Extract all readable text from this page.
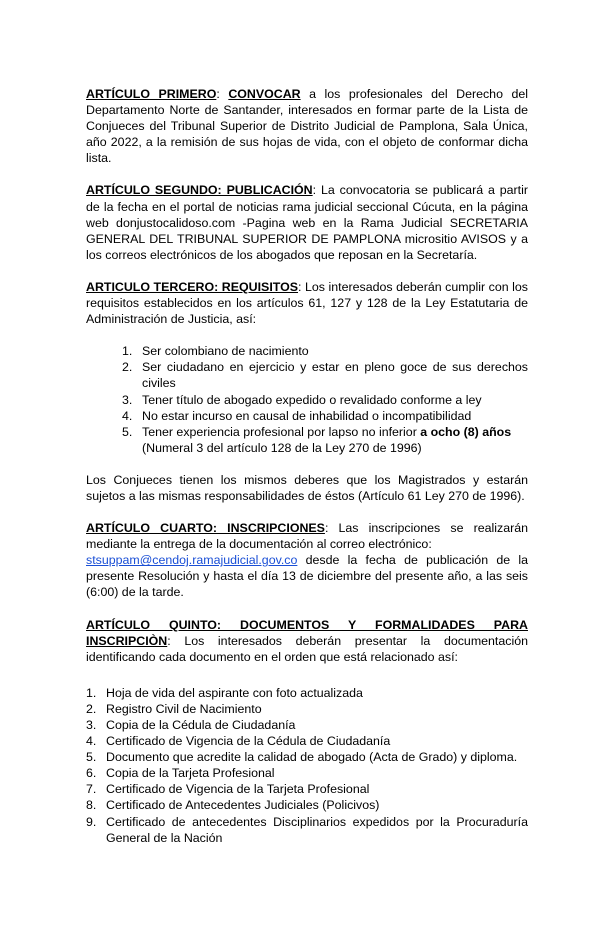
ARTÍCULO PRIMERO: CONVOCAR a los profesionales del Derecho del Departamento Norte de Santander, interesados en formar parte de la Lista de Conjueces del Tribunal Superior de Distrito Judicial de Pamplona, Sala Única, año 2022, a la remisión de sus hojas de vida, con el objeto de conformar dicha lista.

ARTÍCULO SEGUNDO: PUBLICACIÓN: La convocatoria se publicará a partir de la fecha en el portal de noticias rama judicial seccional Cúcuta, en la página web donjustocalidoso.com -Pagina web en la Rama Judicial SECRETARIA GENERAL DEL TRIBUNAL SUPERIOR DE PAMPLONA micrositio AVISOS y a los correos electrónicos de los abogados que reposan en la Secretaría.

ARTICULO TERCERO: REQUISITOS: Los interesados deberán cumplir con los requisitos establecidos en los artículos 61, 127 y 128 de la Ley Estatutaria de Administración de Justicia, así:

1. Ser colombiano de nacimiento
2. Ser ciudadano en ejercicio y estar en pleno goce de sus derechos civiles
3. Tener título de abogado expedido o revalidado conforme a ley
4. No estar incurso en causal de inhabilidad o incompatibilidad
5. Tener experiencia profesional por lapso no inferior a ocho (8) años
(Numeral 3 del artículo 128 de la Ley 270 de 1996)

Los Conjueces tienen los mismos deberes que los Magistrados y estarán sujetos a las mismas responsabilidades de éstos (Artículo 61 Ley 270 de 1996).

ARTÍCULO CUARTO: INSCRIPCIONES: Las inscripciones se realizarán mediante la entrega de la documentación al correo electrónico:
stsuppam@cendoj.ramajudicial.gov.co desde la fecha de publicación de la presente Resolución y hasta el día 13 de diciembre del presente año, a las seis (6:00) de la tarde.

ARTÍCULO QUINTO: DOCUMENTOS Y FORMALIDADES PARA INSCRIPCIÒN: Los interesados deberán presentar la documentación identificando cada documento en el orden que está relacionado así:

1. Hoja de vida del aspirante con foto actualizada
2. Registro Civil de Nacimiento
3. Copia de la Cédula de Ciudadanía
4. Certificado de Vigencia de la Cédula de Ciudadanía
5. Documento que acredite la calidad de abogado (Acta de Grado) y diploma.
6. Copia de la Tarjeta Profesional
7. Certificado de Vigencia de la Tarjeta Profesional
8. Certificado de Antecedentes Judiciales (Policivos)
9. Certificado de antecedentes Disciplinarios expedidos por la Procuraduría General de la Nación
